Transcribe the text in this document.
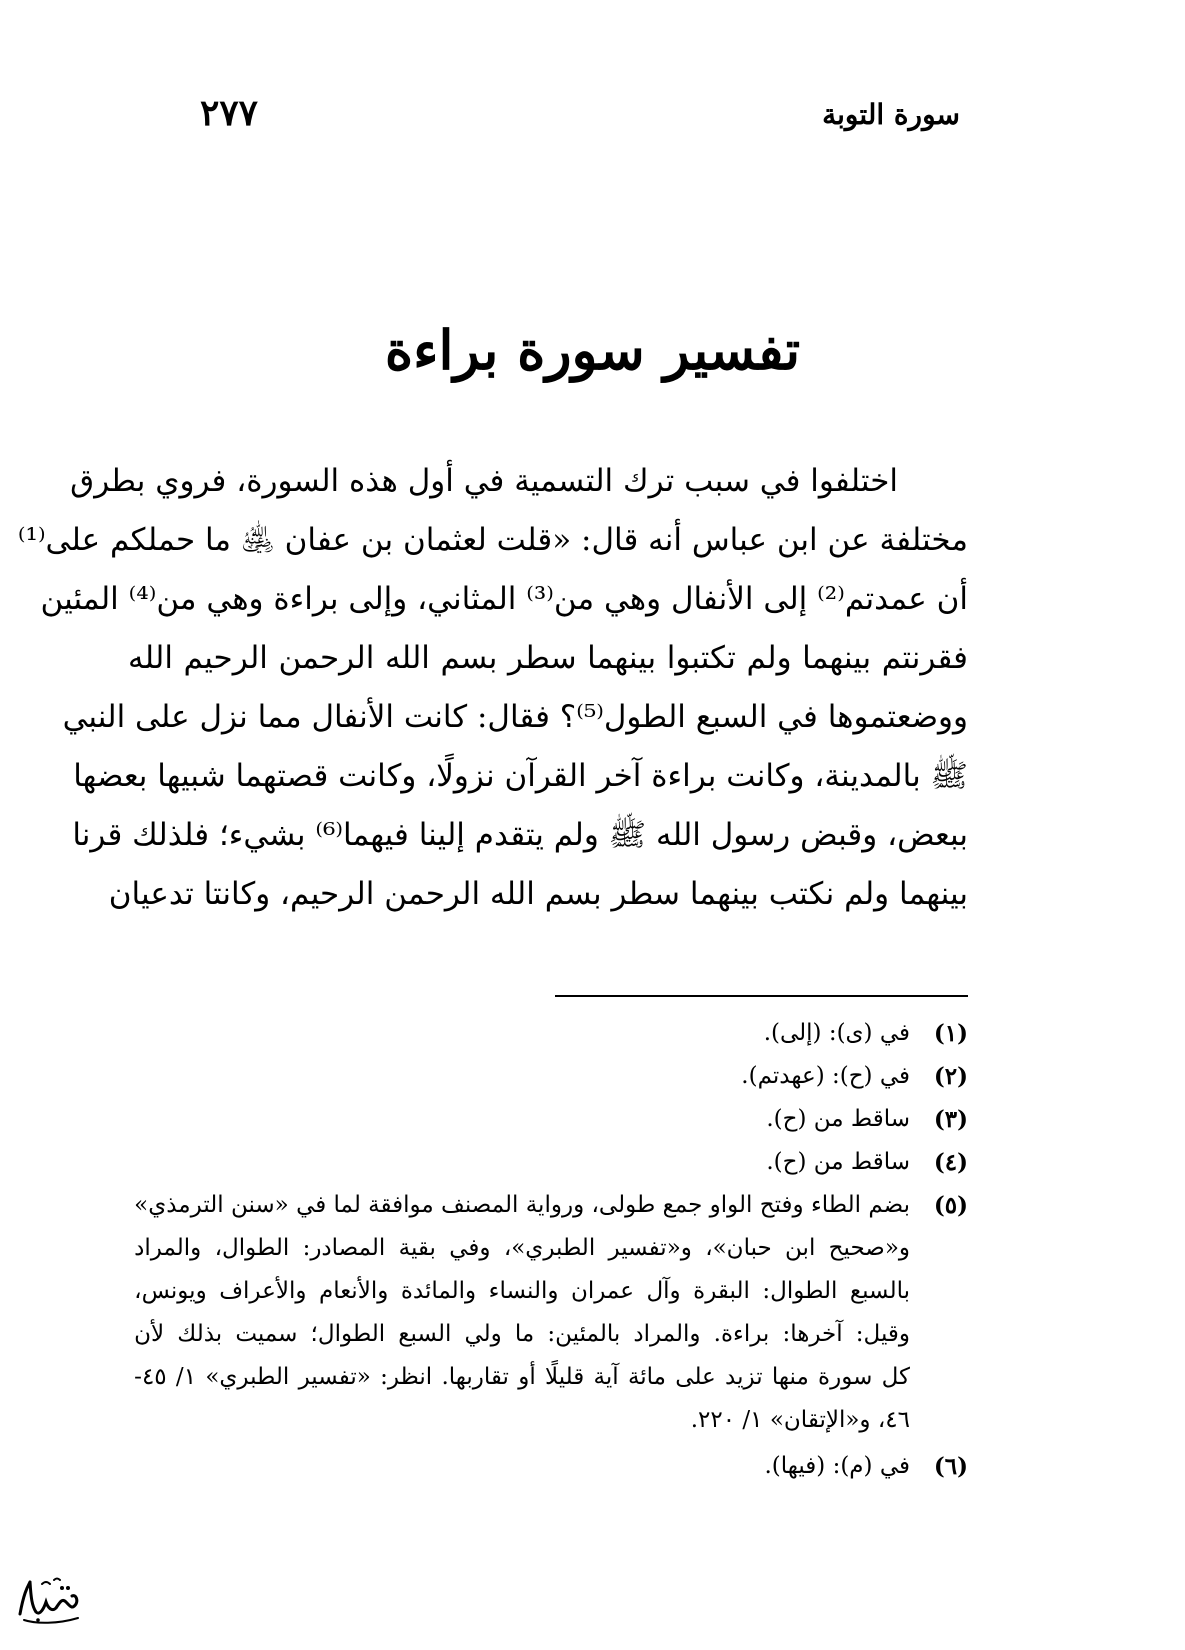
٢٧٧	سورة التوبة
تفسير سورة براءة
اختلفوا في سبب ترك التسمية في أول هذه السورة، فروي بطرق
مختلفة عن ابن عباس أنه قال: «قلت لعثمان بن عفان ﵁ ما حملكم على⁽¹⁾
أن عمدتم⁽²⁾ إلى الأنفال وهي من⁽³⁾ المثاني، وإلى براءة وهي من⁽⁴⁾ المئين
فقرنتم بينهما ولم تكتبوا بينهما سطر بسم الله الرحمن الرحيم الله
ووضعتموها في السبع الطول⁽⁵⁾؟ فقال: كانت الأنفال مما نزل على النبي
ﷺ بالمدينة، وكانت براءة آخر القرآن نزولًا، وكانت قصتهما شبيها بعضها
ببعض، وقبض رسول الله ﷺ ولم يتقدم إلينا فيهما⁽⁶⁾ بشيء؛ فلذلك قرنا
بينهما ولم نكتب بينهما سطر بسم الله الرحمن الرحيم، وكانتا تدعيان
(١)
في (ى): (إلى).
(٢)
في (ح): (عهدتم).
(٣)
ساقط من (ح).
(٤)
ساقط من (ح).
(٥)
بضم الطاء وفتح الواو جمع طولى، ورواية المصنف موافقة لما في «سنن الترمذي»
و«صحيح ابن حبان»، و«تفسير الطبري»، وفي بقية المصادر: الطوال، والمراد
بالسبع الطوال: البقرة وآل عمران والنساء والمائدة والأنعام والأعراف ويونس،
وقيل: آخرها: براءة. والمراد بالمئين: ما ولي السبع الطوال؛ سميت بذلك لأن
كل سورة منها تزيد على مائة آية قليلًا أو تقاربها. انظر: «تفسير الطبري» ١/ ٤٥-
٤٦، و«الإتقان» ١/ ٢٢٠.
(٦)
في (م): (فيها).
